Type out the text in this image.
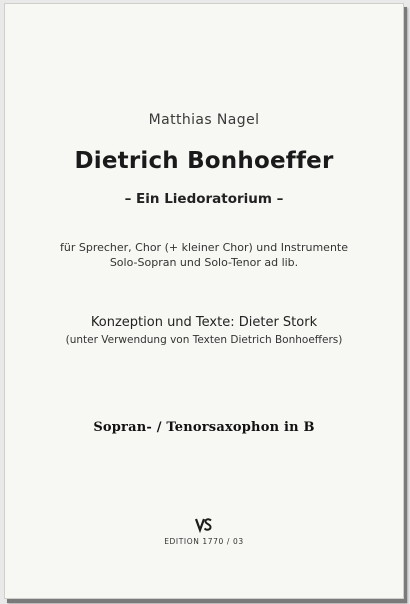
Matthias Nagel
Dietrich Bonhoeffer
– Ein Liedoratorium –
für Sprecher, Chor (+ kleiner Chor) und Instrumente
Solo-Sopran und Solo-Tenor ad lib.
Konzeption und Texte: Dieter Stork
(unter Verwendung von Texten Dietrich Bonhoeffers)
Sopran- / Tenorsaxophon in B
EDITION 1770 / 03
